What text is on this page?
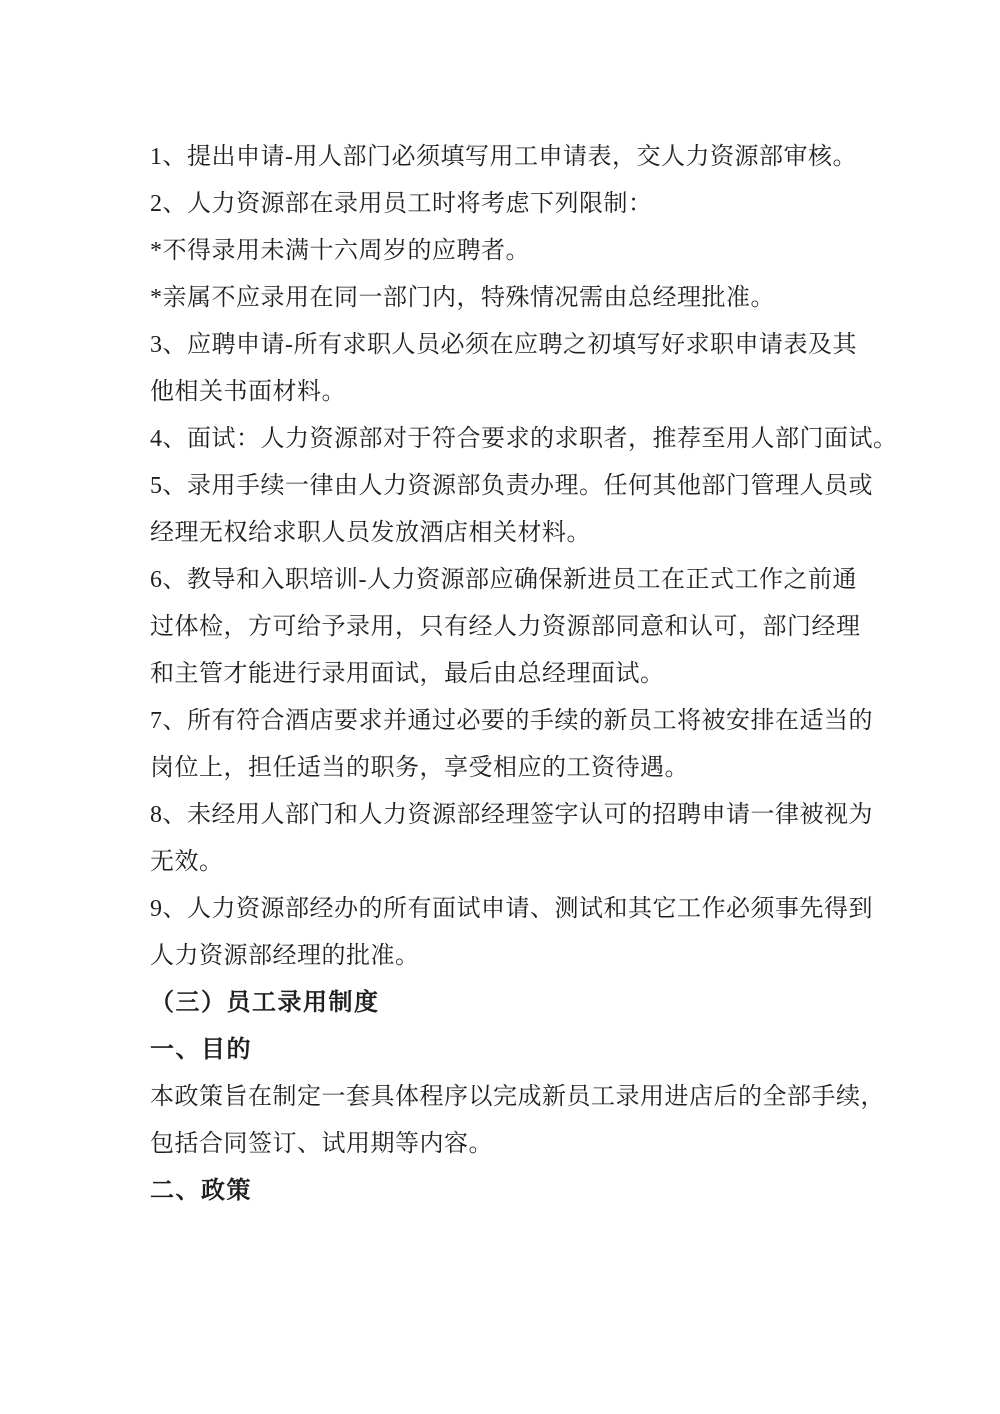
1、提出申请-用人部门必须填写用工申请表，交人力资源部审核。
2、人力资源部在录用员工时将考虑下列限制：
*不得录用未满十六周岁的应聘者。
*亲属不应录用在同一部门内，特殊情况需由总经理批准。
3、应聘申请-所有求职人员必须在应聘之初填写好求职申请表及其
他相关书面材料。
4、面试：人力资源部对于符合要求的求职者，推荐至用人部门面试。
5、录用手续一律由人力资源部负责办理。任何其他部门管理人员或
经理无权给求职人员发放酒店相关材料。
6、教导和入职培训-人力资源部应确保新进员工在正式工作之前通
过体检，方可给予录用，只有经人力资源部同意和认可，部门经理
和主管才能进行录用面试，最后由总经理面试。
7、所有符合酒店要求并通过必要的手续的新员工将被安排在适当的
岗位上，担任适当的职务，享受相应的工资待遇。
8、未经用人部门和人力资源部经理签字认可的招聘申请一律被视为
无效。
9、人力资源部经办的所有面试申请、测试和其它工作必须事先得到
人力资源部经理的批准。
（三）员工录用制度
一、目的
本政策旨在制定一套具体程序以完成新员工录用进店后的全部手续，
包括合同签订、试用期等内容。
二、政策
